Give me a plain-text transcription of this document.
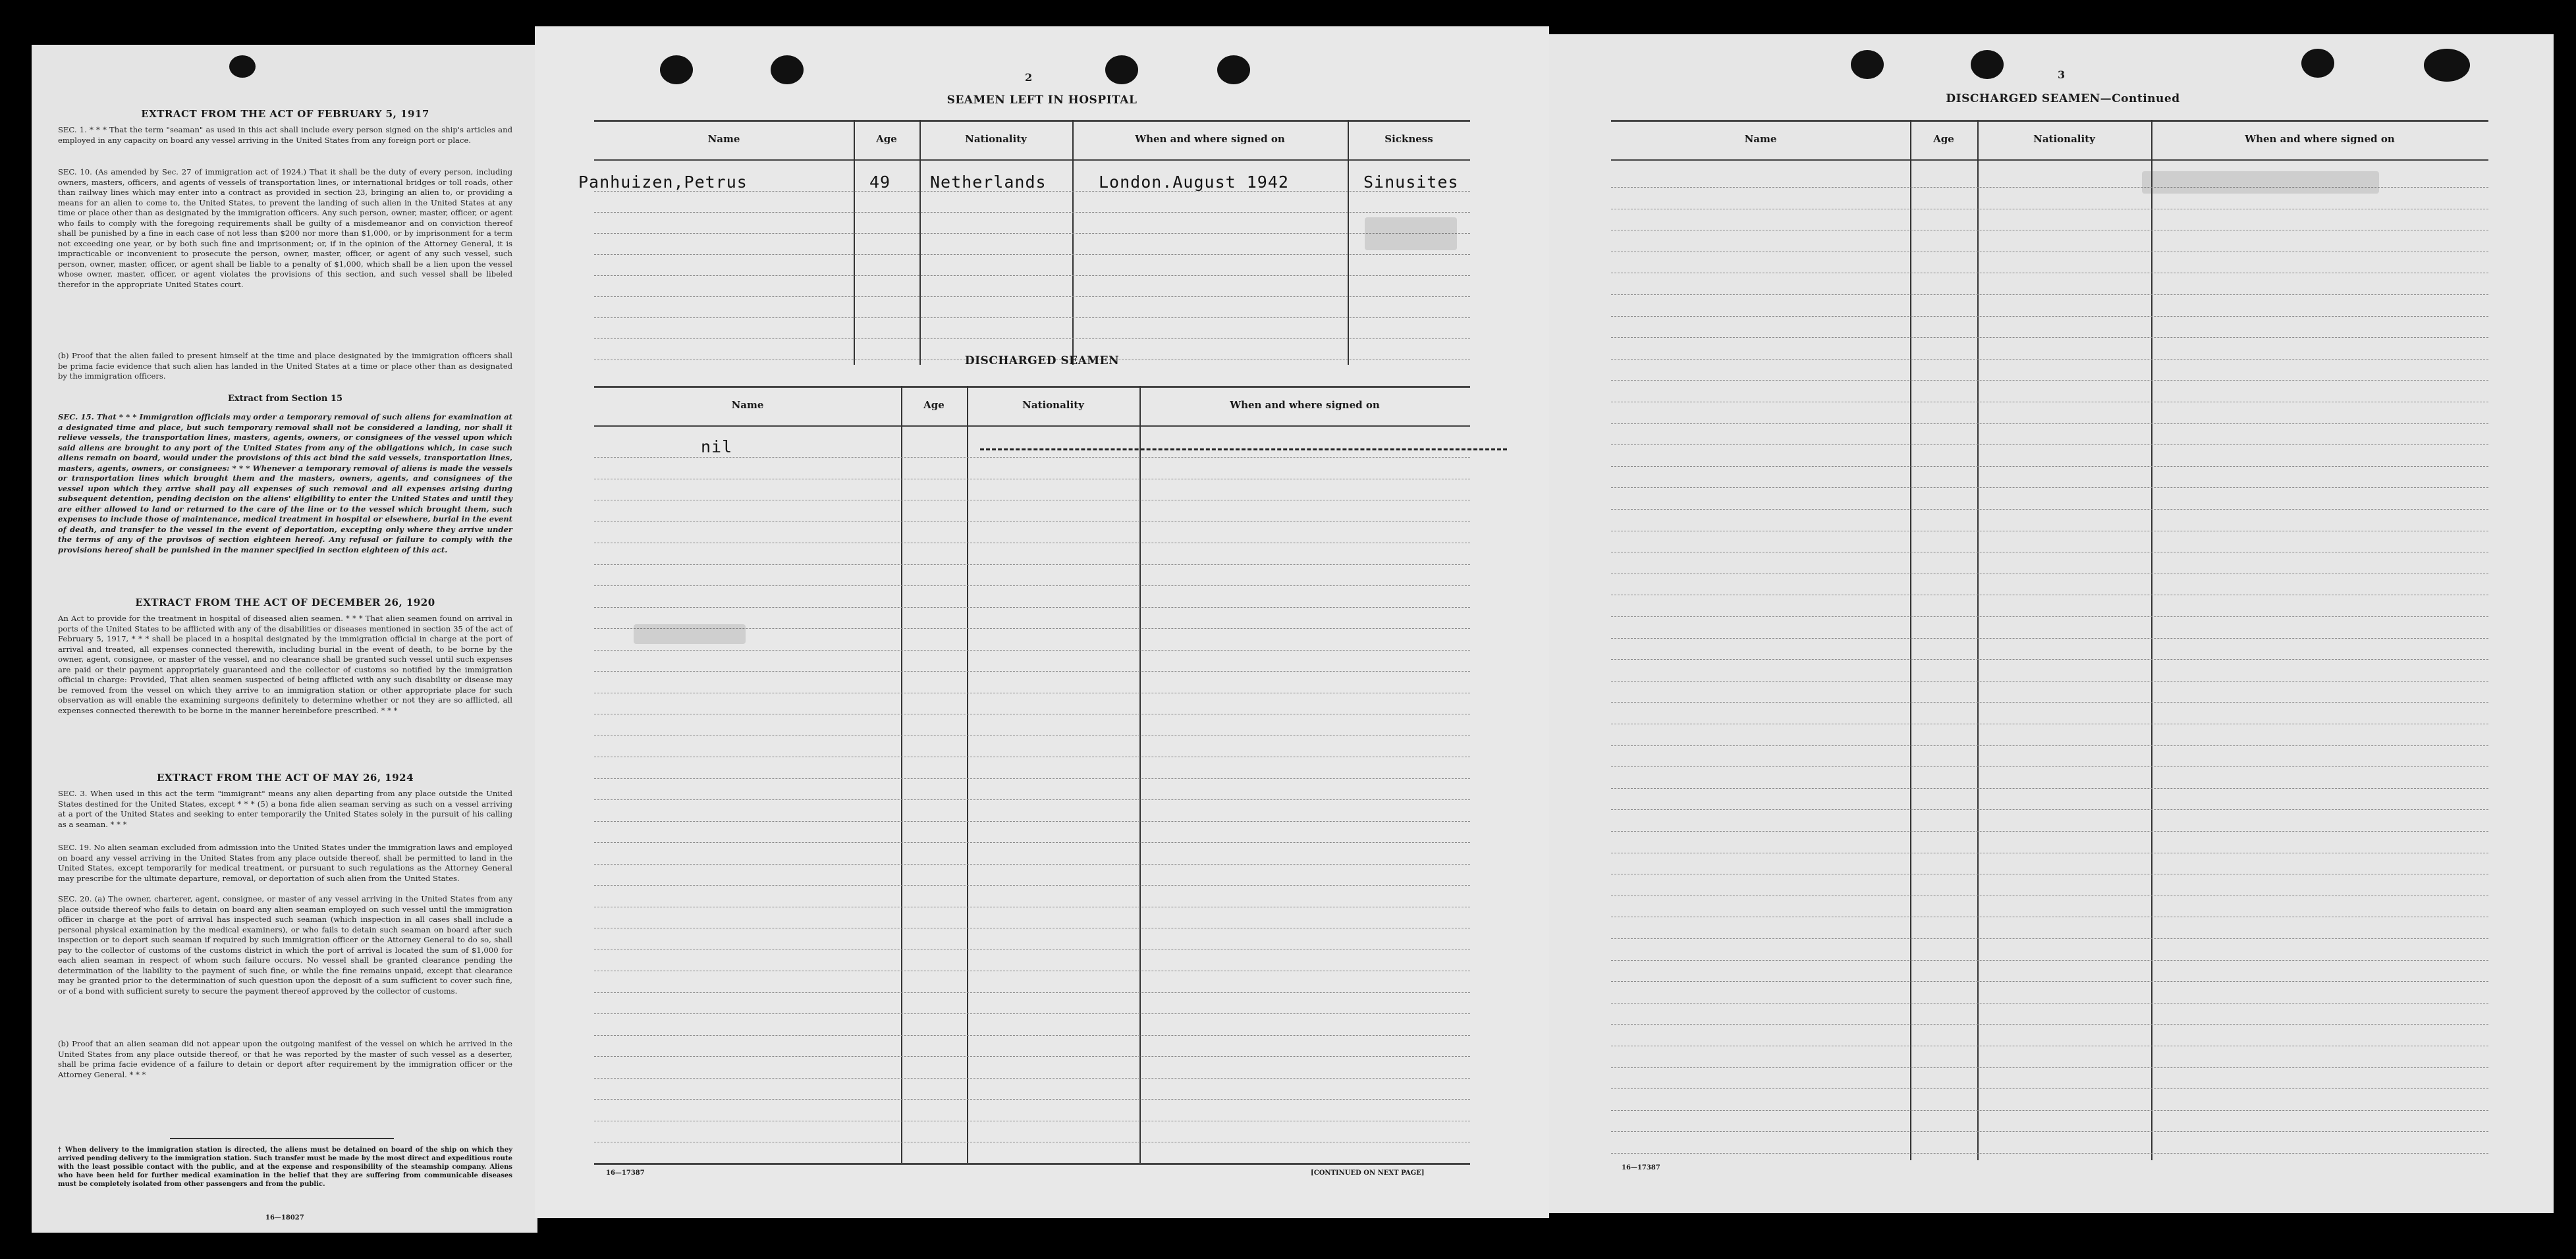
EXTRACT FROM THE ACT OF FEBRUARY 5, 1917
SEC. 1. * * * That the term "seaman" as used in this act shall include every person signed on the ship's articles and employed in any capacity on board any vessel arriving in the United States from any foreign port or place.
SEC. 10. (As amended by Sec. 27 of immigration act of 1924.) That it shall be the duty of every person, including owners, masters, officers, and agents of vessels of transportation lines, or international bridges or toll roads, other than railway lines which may enter into a contract as provided in section 23, bringing an alien to, or providing a means for an alien to come to, the United States, to prevent the landing of such alien in the United States at any time or place other than as designated by the immigration officers. Any such person, owner, master, officer, or agent who fails to comply with the foregoing requirements shall be guilty of a misdemeanor and on conviction thereof shall be punished by a fine in each case of not less than $200 nor more than $1,000, or by imprisonment for a term not exceeding one year, or by both such fine and imprisonment; or, if in the opinion of the Attorney General, it is impracticable or inconvenient to prosecute the person, owner, master, officer, or agent of any such vessel, such person, owner, master, officer, or agent shall be liable to a penalty of $1,000, which shall be a lien upon the vessel whose owner, master, officer, or agent violates the provisions of this section, and such vessel shall be libeled therefor in the appropriate United States court.
(b) Proof that the alien failed to present himself at the time and place designated by the immigration officers shall be prima facie evidence that such alien has landed in the United States at a time or place other than as designated by the immigration officers.
Extract from Section 15
SEC. 15. That * * * Immigration officials may order a temporary removal of such aliens for examination at a designated time and place, but such temporary removal shall not be considered a landing, nor shall it relieve vessels, the transportation lines, masters, agents, owners, or consignees of the vessel upon which said aliens are brought to any port of the United States from any of the obligations which, in case such aliens remain on board, would under the provisions of this act bind the said vessels, transportation lines, masters, agents, owners, or consignees: * * * Whenever a temporary removal of aliens is made the vessels or transportation lines which brought them and the masters, owners, agents, and consignees of the vessel upon which they arrive shall pay all expenses of such removal and all expenses arising during subsequent detention, pending decision on the aliens' eligibility to enter the United States and until they are either allowed to land or returned to the care of the line or to the vessel which brought them, such expenses to include those of maintenance, medical treatment in hospital or elsewhere, burial in the event of death, and transfer to the vessel in the event of deportation, excepting only where they arrive under the terms of any of the provisos of section eighteen hereof. Any refusal or failure to comply with the provisions hereof shall be punished in the manner specified in section eighteen of this act.
EXTRACT FROM THE ACT OF DECEMBER 26, 1920
An Act to provide for the treatment in hospital of diseased alien seamen. * * * That alien seamen found on arrival in ports of the United States to be afflicted with any of the disabilities or diseases mentioned in section 35 of the act of February 5, 1917, * * * shall be placed in a hospital designated by the immigration official in charge at the port of arrival and treated, all expenses connected therewith, including burial in the event of death, to be borne by the owner, agent, consignee, or master of the vessel, and no clearance shall be granted such vessel until such expenses are paid or their payment appropriately guaranteed and the collector of customs so notified by the immigration official in charge: Provided, That alien seamen suspected of being afflicted with any such disability or disease may be removed from the vessel on which they arrive to an immigration station or other appropriate place for such observation as will enable the examining surgeons definitely to determine whether or not they are so afflicted, all expenses connected therewith to be borne in the manner hereinbefore prescribed. * * *
EXTRACT FROM THE ACT OF MAY 26, 1924
SEC. 3. When used in this act the term "immigrant" means any alien departing from any place outside the United States destined for the United States, except * * * (5) a bona fide alien seaman serving as such on a vessel arriving at a port of the United States and seeking to enter temporarily the United States solely in the pursuit of his calling as a seaman. * * *
SEC. 19. No alien seaman excluded from admission into the United States under the immigration laws and employed on board any vessel arriving in the United States from any place outside thereof, shall be permitted to land in the United States, except temporarily for medical treatment, or pursuant to such regulations as the Attorney General may prescribe for the ultimate departure, removal, or deportation of such alien from the United States.
SEC. 20. (a) The owner, charterer, agent, consignee, or master of any vessel arriving in the United States from any place outside thereof who fails to detain on board any alien seaman employed on such vessel until the immigration officer in charge at the port of arrival has inspected such seaman (which inspection in all cases shall include a personal physical examination by the medical examiners), or who fails to detain such seaman on board after such inspection or to deport such seaman if required by such immigration officer or the Attorney General to do so, shall pay to the collector of customs of the customs district in which the port of arrival is located the sum of $1,000 for each alien seaman in respect of whom such failure occurs. No vessel shall be granted clearance pending the determination of the liability to the payment of such fine, or while the fine remains unpaid, except that clearance may be granted prior to the determination of such question upon the deposit of a sum sufficient to cover such fine, or of a bond with sufficient surety to secure the payment thereof approved by the collector of customs.
(b) Proof that an alien seaman did not appear upon the outgoing manifest of the vessel on which he arrived in the United States from any place outside thereof, or that he was reported by the master of such vessel as a deserter, shall be prima facie evidence of a failure to detain or deport after requirement by the immigration officer or the Attorney General. * * *
† When delivery to the immigration station is directed, the aliens must be detained on board of the ship on which they arrived pending delivery to the immigration station. Such transfer must be made by the most direct and expeditious route with the least possible contact with the public, and at the expense and responsibility of the steamship company. Aliens who have been held for further medical examination in the belief that they are suffering from communicable diseases must be completely isolated from other passengers and from the public.
16—18027
2
SEAMEN LEFT IN HOSPITAL
Name	Age	Nationality	When and where signed on	Sickness
Panhuizen,Petrus	49 Netherlands	London.August 1942	Sinusites
DISCHARGED SEAMEN
Name	Age	Nationality	When and where signed on
nil
16—17387	[CONTINUED ON NEXT PAGE]
3
DISCHARGED SEAMEN—Continued
Name	Age	Nationality	When and where signed on
16—17387
